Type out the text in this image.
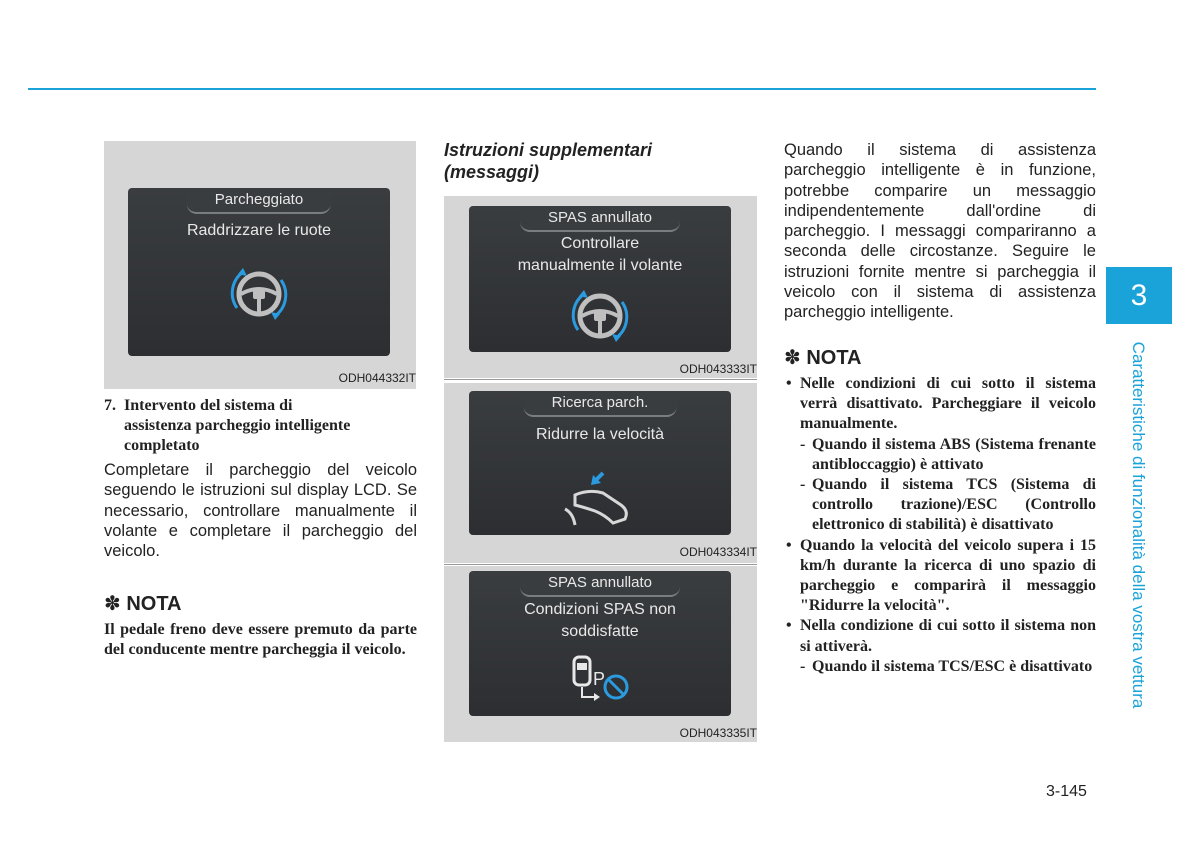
Parcheggiato
Raddrizzare le ruote
ODH044332IT
7. Intervento del sistema di
assistenza parcheggio intelligente completato
Completare il parcheggio del veicolo seguendo le istruzioni sul display LCD. Se necessario, controllare manualmente il volante e completare il parcheggio del veicolo.
✽ NOTA
Il pedale freno deve essere premuto da parte del conducente mentre parcheggia il veicolo.
Istruzioni supplementari
(messaggi)
SPAS annullato
Controllare
manualmente il volante
ODH043333IT
Ricerca parch.
Ridurre la velocità
ODH043334IT
SPAS annullato
Condizioni SPAS non
soddisfatte
P
ODH043335IT
Quando il sistema di assistenza parcheggio intelligente è in funzione, potrebbe comparire un messaggio indipendentemente dall'ordine di parcheggio. I messaggi compariranno a seconda delle circostanze. Seguire le istruzioni fornite mentre si parcheggia il veicolo con il sistema di assistenza parcheggio intelligente.
✽ NOTA
• Nelle condizioni di cui sotto il sistema verrà disattivato. Parcheggiare il veicolo manualmente.
- Quando il sistema ABS (Sistema frenante antibloccaggio) è attivato
- Quando il sistema TCS (Sistema di controllo trazione)/ESC (Controllo elettronico di stabilità) è disattivato
• Quando la velocità del veicolo supera i 15 km/h durante la ricerca di uno spazio di parcheggio e comparirà il messaggio "Ridurre la velocità".
• Nella condizione di cui sotto il sistema non si attiverà.
- Quando il sistema TCS/ESC è disattivato
3
Caratteristiche di funzionalità della vostra vettura
3-145
